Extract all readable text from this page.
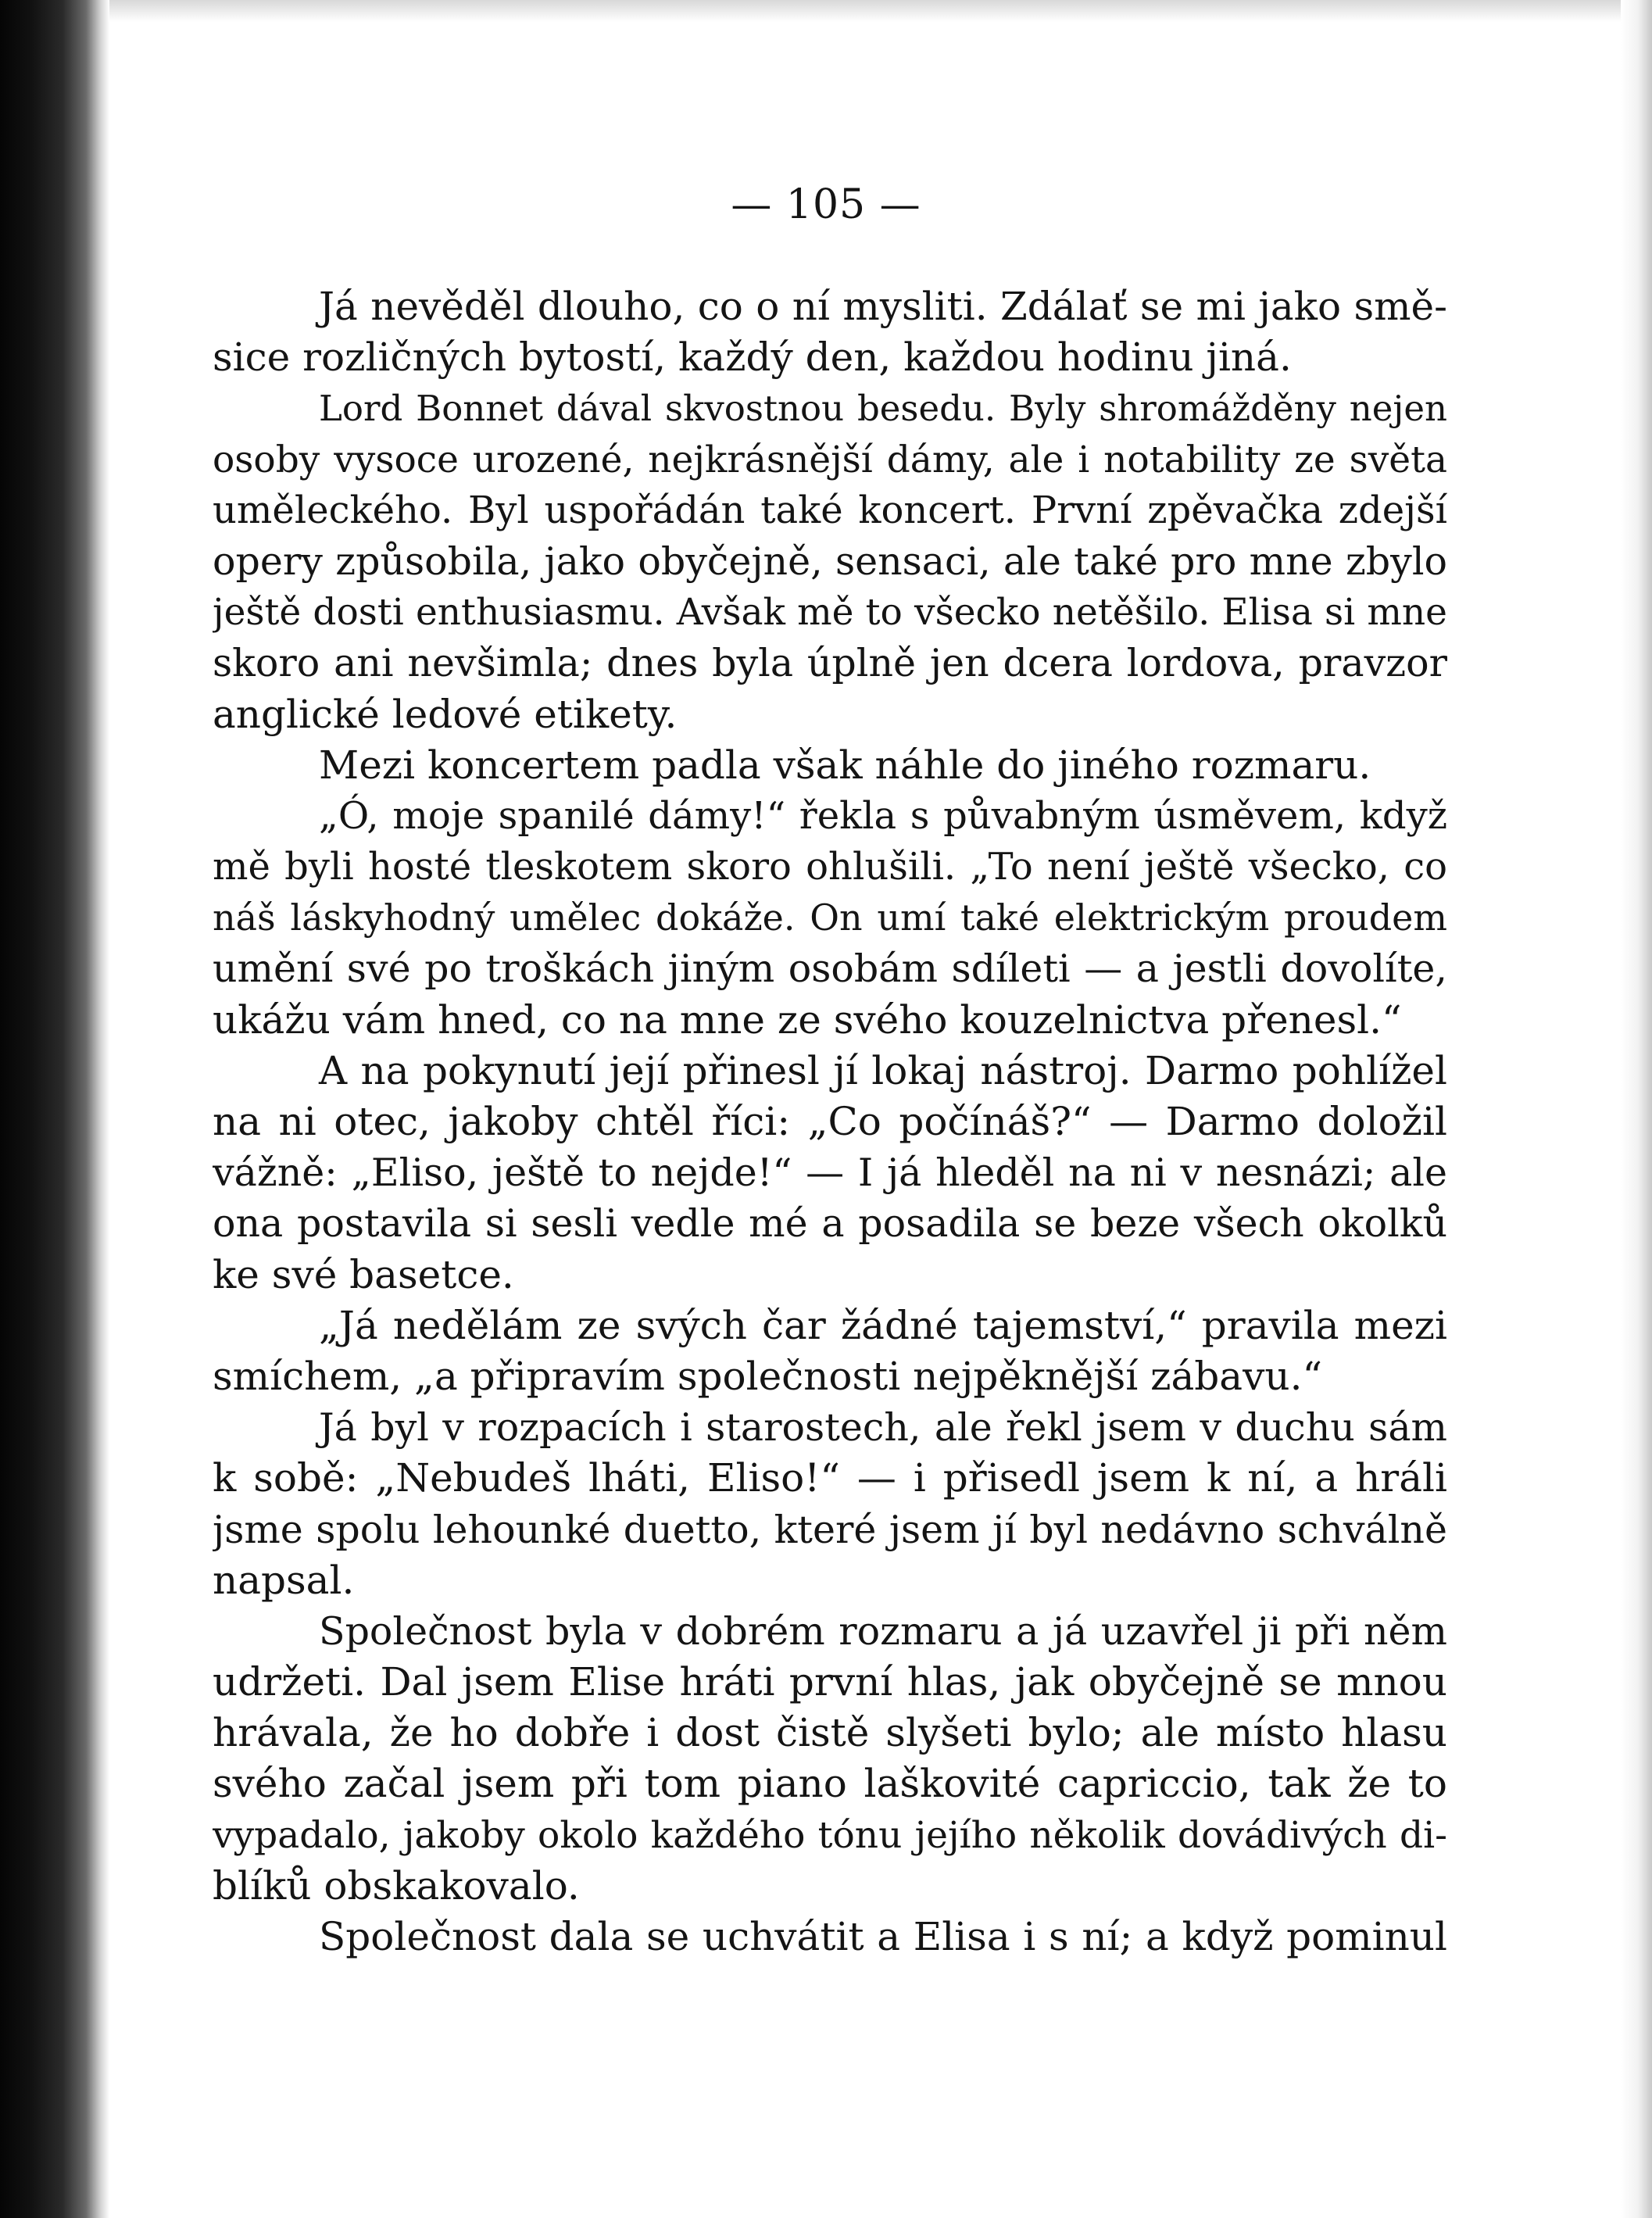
— 105 —
Já nevěděl dlouho, co o ní mysliti. Zdálať se mi jako smě-
sice rozličných bytostí, každý den, každou hodinu jiná.
Lord Bonnet dával skvostnou besedu. Byly shromážděny nejen
osoby vysoce urozené, nejkrásnější dámy, ale i notability ze světa
uměleckého. Byl uspořádán také koncert. První zpěvačka zdejší
opery způsobila, jako obyčejně, sensaci, ale také pro mne zbylo
ještě dosti enthusiasmu. Avšak mě to všecko netěšilo. Elisa si mne
skoro ani nevšimla; dnes byla úplně jen dcera lordova, pravzor
anglické ledové etikety.
Mezi koncertem padla však náhle do jiného rozmaru.
„Ó, moje spanilé dámy!“ řekla s půvabným úsměvem, když
mě byli hosté tleskotem skoro ohlušili. „To není ještě všecko, co
náš láskyhodný umělec dokáže. On umí také elektrickým proudem
umění své po troškách jiným osobám sdíleti — a jestli dovolíte,
ukážu vám hned, co na mne ze svého kouzelnictva přenesl.“
A na pokynutí její přinesl jí lokaj nástroj. Darmo pohlížel
na ni otec, jakoby chtěl říci: „Co počínáš?“ — Darmo doložil
vážně: „Eliso, ještě to nejde!“ — I já hleděl na ni v nesnázi; ale
ona postavila si sesli vedle mé a posadila se beze všech okolků
ke své basetce.
„Já nedělám ze svých čar žádné tajemství,“ pravila mezi
smíchem, „a připravím společnosti nejpěknější zábavu.“
Já byl v rozpacích i starostech, ale řekl jsem v duchu sám
k sobě: „Nebudeš lháti, Eliso!“ — i přisedl jsem k ní, a hráli
jsme spolu lehounké duetto, které jsem jí byl nedávno schválně
napsal.
Společnost byla v dobrém rozmaru a já uzavřel ji při něm
udržeti. Dal jsem Elise hráti první hlas, jak obyčejně se mnou
hrávala, že ho dobře i dost čistě slyšeti bylo; ale místo hlasu
svého začal jsem při tom piano laškovité capriccio, tak že to
vypadalo, jakoby okolo každého tónu jejího několik dovádivých di-
blíků obskakovalo.
Společnost dala se uchvátit a Elisa i s ní; a když pominul
